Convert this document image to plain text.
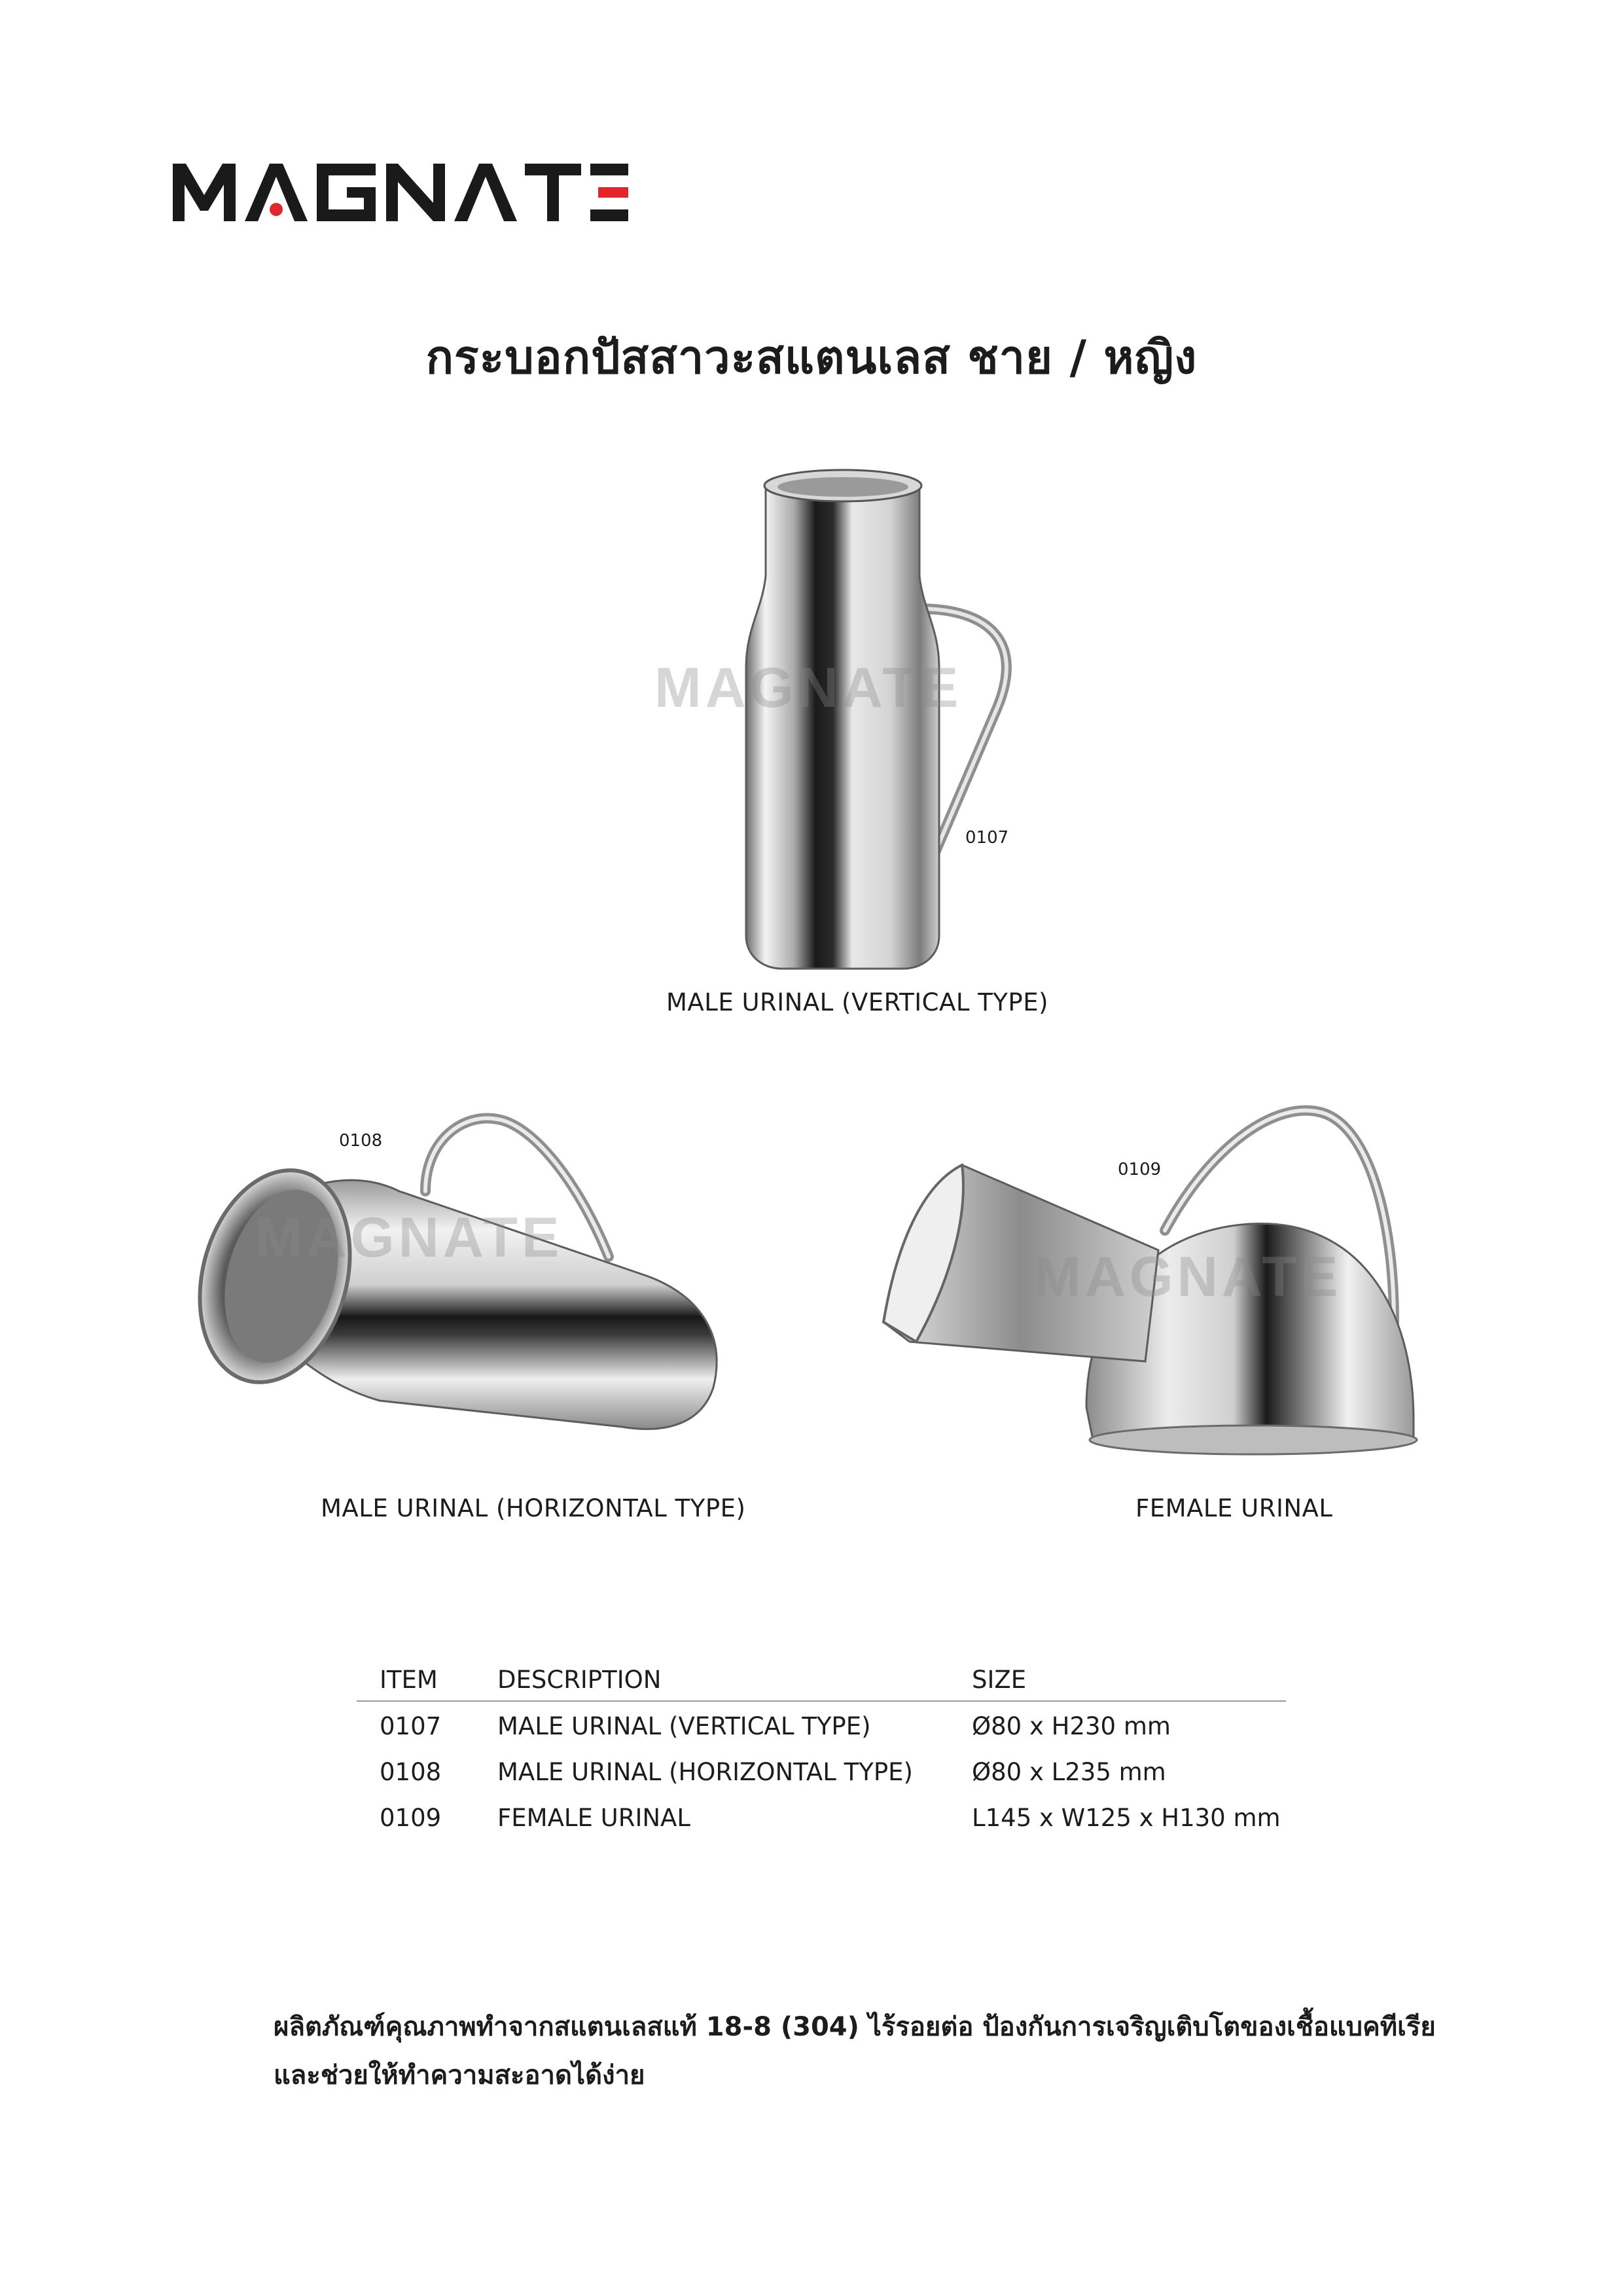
กระบอกปัสสาวะสแตนเลส ชาย / หญิง
MAGNATE
0107
MALE URINAL (VERTICAL TYPE)
MAGNATE
0108
MALE URINAL (HORIZONTAL TYPE)
MAGNATE
0109
FEMALE URINAL
ITEM DESCRIPTION	SIZE
0107 MALE URINAL (VERTICAL TYPE)	Ø80 x H230 mm
0108 MALE URINAL (HORIZONTAL TYPE) Ø80 x L235 mm
0109 FEMALE URINAL	L145 x W125 x H130 mm

ผลิตภัณฑ์คุณภาพทำจากสแตนเลสแท้ 18-8 (304) ไร้รอยต่อ ป้องกันการเจริญเติบโตของเชื้อแบคทีเรีย

และช่วยให้ทำความสะอาดได้ง่าย
